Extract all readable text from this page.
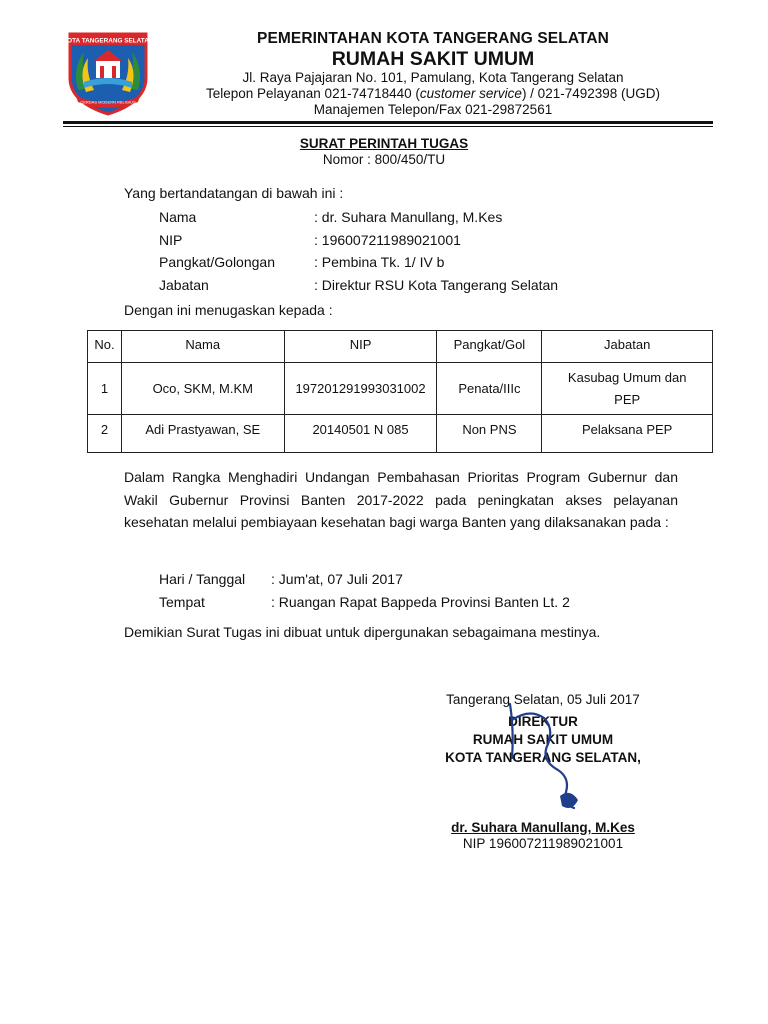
KOTA TANGERANG SELATAN
CERDAS MODERN RELIGIUS
PEMERINTAHAN KOTA TANGERANG SELATAN
RUMAH SAKIT UMUM
Jl. Raya Pajajaran No. 101, Pamulang, Kota Tangerang Selatan
Telepon Pelayanan 021-74718440 (customer service) / 021-7492398 (UGD)
Manajemen Telepon/Fax 021-29872561
SURAT PERINTAH TUGAS
Nomor : 800/450/TU
Yang bertandatangan di bawah ini :
Nama	: dr. Suhara Manullang, M.Kes
NIP	: 196007211989021001
Pangkat/Golongan	: Pembina Tk. 1/ IV b
Jabatan	: Direktur RSU Kota Tangerang Selatan
Dengan ini menugaskan kepada :
No.	Nama	NIP	Pangkat/Gol	Jabatan
1	Oco, SKM, M.KM	197201291993031002	Penata/IIIc	Kasubag Umum dan PEP
2	Adi Prastyawan, SE	20140501 N 085	Non PNS	Pelaksana PEP
Dalam Rangka Menghadiri Undangan Pembahasan Prioritas Program Gubernur dan Wakil Gubernur Provinsi Banten 2017-2022 pada peningkatan akses pelayanan kesehatan melalui pembiayaan kesehatan bagi warga Banten yang dilaksanakan pada :
Hari / Tanggal : Jum'at, 07 Juli 2017
Tempat	: Ruangan Rapat Bappeda Provinsi Banten Lt. 2
Demikian Surat Tugas ini dibuat untuk dipergunakan sebagaimana mestinya.
Tangerang Selatan, 05 Juli 2017
DIREKTUR
RUMAH SAKIT UMUM
KOTA TANGERANG SELATAN,
dr. Suhara Manullang, M.Kes
NIP 196007211989021001
